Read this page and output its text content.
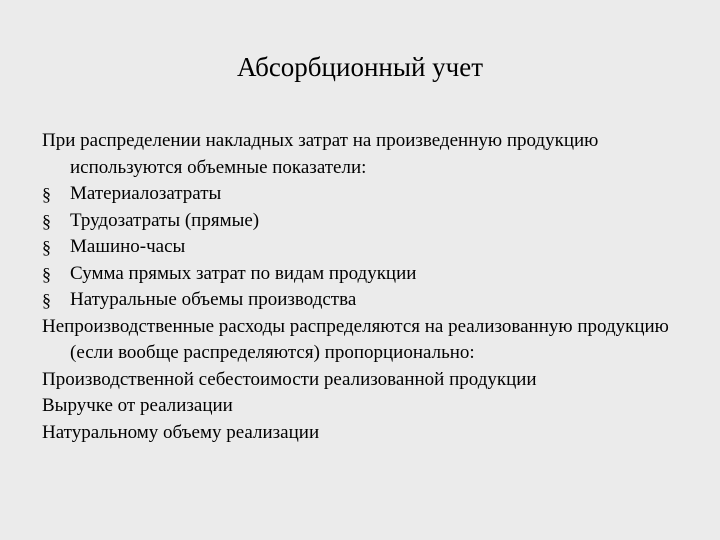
Абсорбционный учет

При распределении накладных затрат на произведенную продукцию используются объемные показатели:

§	Материалозатраты
§	Трудозатраты (прямые)
§	Машино-часы
§	Сумма прямых затрат по видам продукции
§	Натуральные объемы производства

Непроизводственные расходы распределяются на реализованную продукцию (если вообще распределяются) пропорционально:

Производственной себестоимости реализованной продукции

Выручке от реализации

Натуральному объему реализации
